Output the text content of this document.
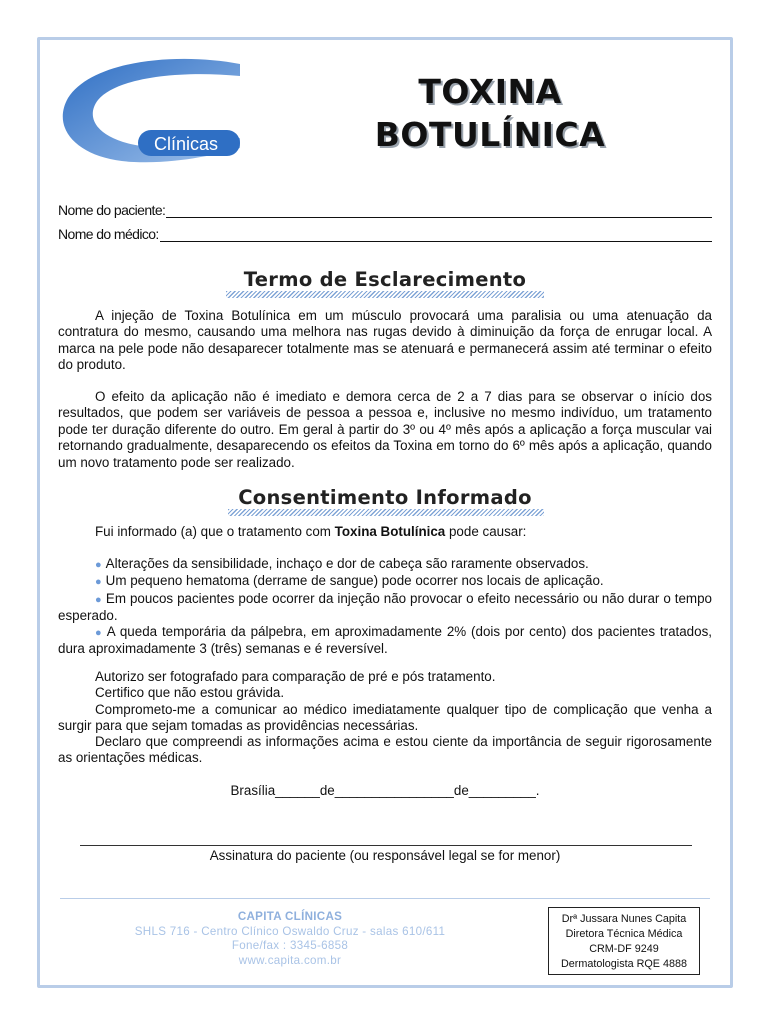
Capita
Clínicas
TOXINA
BOTULÍNICA
Nome do paciente:
Nome do médico:
Termo de Esclarecimento

A injeção de Toxina Botulínica em um músculo provocará uma paralisia ou uma atenuação da contratura do mesmo, causando uma melhora nas rugas devido à diminuição da força de enrugar local. A marca na pele pode não desaparecer totalmente mas se atenuará e permanecerá assim até terminar o efeito do produto.

O efeito da aplicação não é imediato e demora cerca de 2 a 7 dias para se observar o início dos resultados, que podem ser variáveis de pessoa a pessoa e, inclusive no mesmo indivíduo, um tratamento pode ter duração diferente do outro. Em geral à partir do 3º ou 4º mês após a aplicação a força muscular vai retornando gradualmente, desaparecendo os efeitos da Toxina em torno do 6º mês após a aplicação, quando um novo tratamento pode ser realizado.

Consentimento Informado

Fui informado (a) que o tratamento com Toxina Botulínica pode causar:

● Alterações da sensibilidade, inchaço e dor de cabeça são raramente observados.
● Um pequeno hematoma (derrame de sangue) pode ocorrer nos locais de aplicação.
● Em poucos pacientes pode ocorrer da injeção não provocar o efeito necessário ou não durar o tempo esperado.
● A queda temporária da pálpebra, em aproximadamente 2% (dois por cento) dos pacientes tratados, dura aproximadamente 3 (três) semanas e é reversível.
Autorizo ser fotografado para comparação de pré e pós tratamento.
Certifico que não estou grávida.
Comprometo-me a comunicar ao médico imediatamente qualquer tipo de complicação que venha a surgir para que sejam tomadas as providências necessárias.
Declaro que compreendi as informações acima e estou ciente da importância de seguir rigorosamente as orientações médicas.
Brasília______de________________de_________.
Assinatura do paciente (ou responsável legal se for menor)
CAPITA CLÍNICAS
SHLS 716 - Centro Clínico Oswaldo Cruz - salas 610/611
Fone/fax : 3345-6858
www.capita.com.br
Drª Jussara Nunes Capita
Diretora Técnica Médica
CRM-DF 9249
Dermatologista RQE 4888
